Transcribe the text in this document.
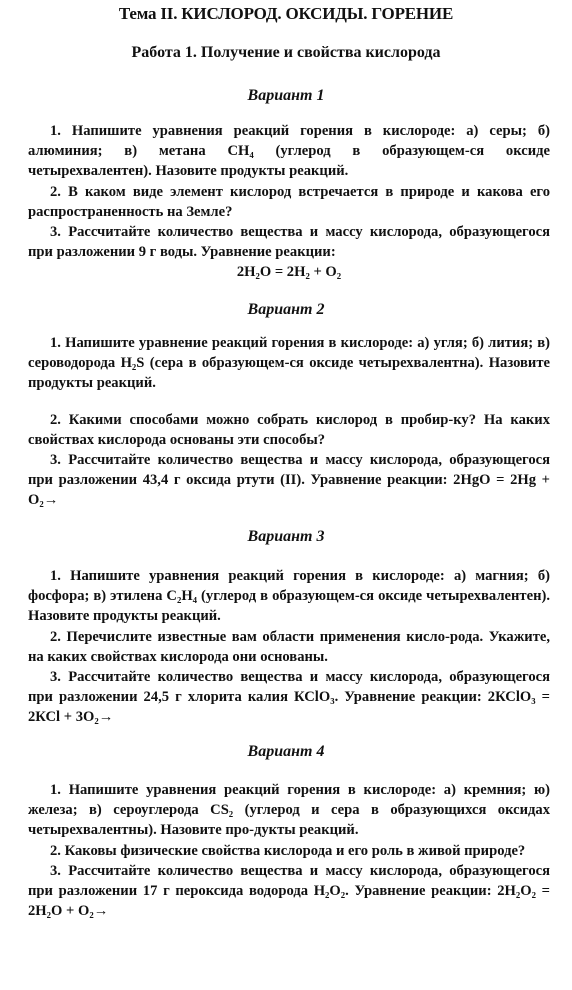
Тема II. КИСЛОРОД. ОКСИДЫ. ГОРЕНИЕ
Работа 1. Получение и свойства кислорода
Вариант 1

1. Напишите уравнения реакций горения в кислороде: а) серы; б) алюминия; в) метана СН₄ (углерод в образующем-ся оксиде четырехвалентен). Назовите продукты реакций.

2. В каком виде элемент кислород встречается в природе и какова его распространенность на Земле?

3. Рассчитайте количество вещества и массу кислорода, образующегося при разложении 9 г воды. Уравнение реакции:

2Н₂О = 2Н₂ + О₂

Вариант 2

1. Напишите уравнение реакций горения в кислороде: а) угля; б) лития; в) сероводорода Н₂S (сера в образующем-ся оксиде четырехвалентна). Назовите продукты реакций.

2. Какими способами можно собрать кислород в пробир-ку? На каких свойствах кислорода основаны эти способы?

3. Рассчитайте количество вещества и массу кислорода, образующегося при разложении 43,4 г оксида ртути (II). Уравнение реакции: 2НgО = 2Нg + О₂→

Вариант 3

1. Напишите уравнения реакций горения в кислороде: а) магния; б) фосфора; в) этилена С₂Н₄ (углерод в образующем-ся оксиде четырехвалентен). Назовите продукты реакций.

2. Перечислите известные вам области применения кисло-рода. Укажите, на каких свойствах кислорода они основаны.

3. Рассчитайте количество вещества и массу кислорода, образующегося при разложении 24,5 г хлорита калия КСlО₃. Уравнение реакции: 2КСlО₃ = 2КСl + 3О₂→

Вариант 4

1. Напишите уравнения реакций горения в кислороде: а) кремния; ю) железа; в) сероуглерода СS₂ (углерод и сера в образующихся оксидах четырехвалентны). Назовите про-дукты реакций.

2. Каковы физические свойства кислорода и его роль в живой природе?

3. Рассчитайте количество вещества и массу кислорода, образующегося при разложении 17 г пероксида водорода Н₂О₂. Уравнение реакции: 2Н₂О₂ = 2Н₂О + О₂→
